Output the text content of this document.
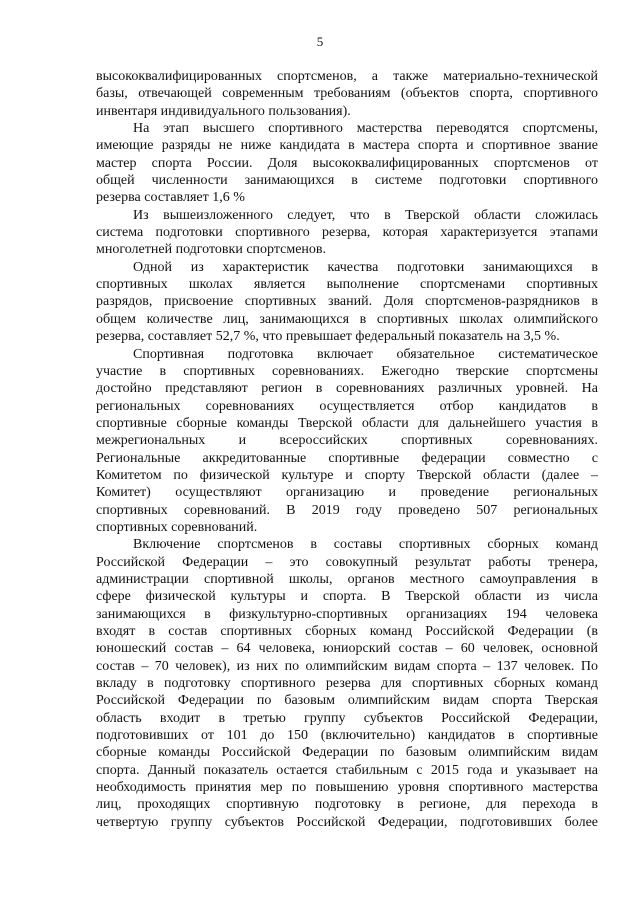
5
высококвалифицированных спортсменов, а также материально-технической
базы, отвечающей современным требованиям (объектов спорта, спортивного
инвентаря индивидуального пользования).
На этап высшего спортивного мастерства переводятся спортсмены,
имеющие разряды не ниже кандидата в мастера спорта и спортивное звание
мастер спорта России. Доля высококвалифицированных спортсменов от
общей численности занимающихся в системе подготовки спортивного
резерва составляет 1,6 %
Из вышеизложенного следует, что в Тверской области сложилась
система подготовки спортивного резерва, которая характеризуется этапами
многолетней подготовки спортсменов.
Одной из характеристик качества подготовки занимающихся в
спортивных школах является выполнение спортсменами спортивных
разрядов, присвоение спортивных званий. Доля спортсменов-разрядников в
общем количестве лиц, занимающихся в спортивных школах олимпийского
резерва, составляет 52,7 %, что превышает федеральный показатель на 3,5 %.
Спортивная подготовка включает обязательное систематическое
участие в спортивных соревнованиях. Ежегодно тверские спортсмены
достойно представляют регион в соревнованиях различных уровней. На
региональных соревнованиях осуществляется отбор кандидатов в
спортивные сборные команды Тверской области для дальнейшего участия в
межрегиональных и всероссийских спортивных соревнованиях.
Региональные аккредитованные спортивные федерации совместно с
Комитетом по физической культуре и спорту Тверской области (далее –
Комитет) осуществляют организацию и проведение региональных
спортивных соревнований. В 2019 году проведено 507 региональных
спортивных соревнований.
Включение спортсменов в составы спортивных сборных команд
Российской Федерации – это совокупный результат работы тренера,
администрации спортивной школы, органов местного самоуправления в
сфере физической культуры и спорта. В Тверской области из числа
занимающихся в физкультурно-спортивных организациях 194 человека
входят в состав спортивных сборных команд Российской Федерации (в
юношеский состав – 64 человека, юниорский состав – 60 человек, основной
состав – 70 человек), из них по олимпийским видам спорта – 137 человек. По
вкладу в подготовку спортивного резерва для спортивных сборных команд
Российской Федерации по базовым олимпийским видам спорта Тверская
область входит в третью группу субъектов Российской Федерации,
подготовивших от 101 до 150 (включительно) кандидатов в спортивные
сборные команды Российской Федерации по базовым олимпийским видам
спорта. Данный показатель остается стабильным с 2015 года и указывает на
необходимость принятия мер по повышению уровня спортивного мастерства
лиц, проходящих спортивную подготовку в регионе, для перехода в
четвертую группу субъектов Российской Федерации, подготовивших более
